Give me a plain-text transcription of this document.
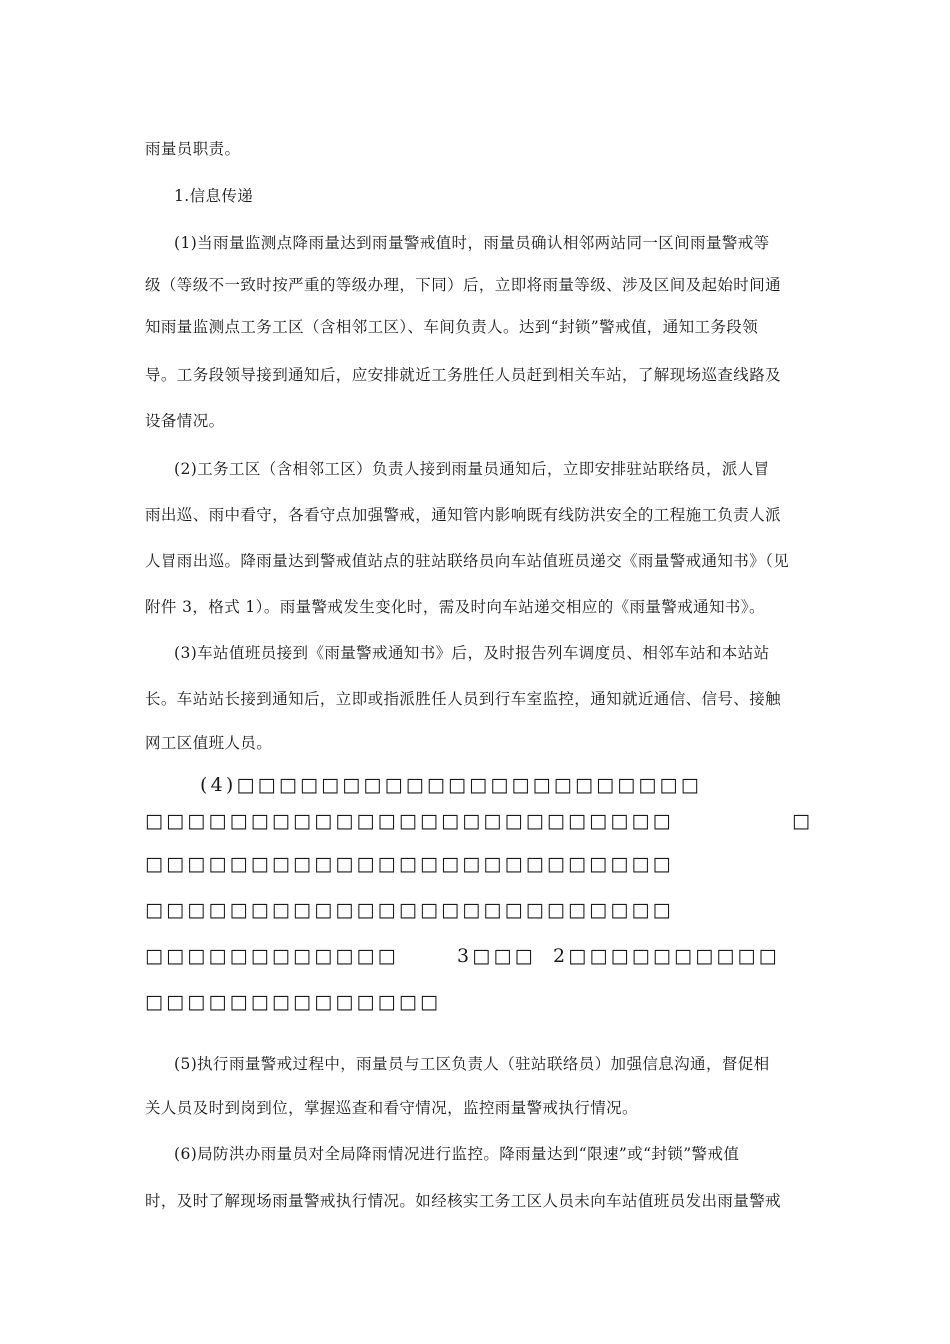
雨量员职责。
1.信息传递
(1)当雨量监测点降雨量达到雨量警戒值时，雨量员确认相邻两站同一区间雨量警戒等
级（等级不一致时按严重的等级办理，下同）后，立即将雨量等级、涉及区间及起始时间通
知雨量监测点工务工区（含相邻工区）、车间负责人。达到“封锁”警戒值，通知工务段领
导。工务段领导接到通知后，应安排就近工务胜任人员赶到相关车站，了解现场巡查线路及
设备情况。
(2)工务工区（含相邻工区）负责人接到雨量员通知后，立即安排驻站联络员，派人冒
雨出巡、雨中看守，各看守点加强警戒，通知管内影响既有线防洪安全的工程施工负责人派
人冒雨出巡。降雨量达到警戒值站点的驻站联络员向车站值班员递交《雨量警戒通知书》（见
附件 3，格式 1）。雨量警戒发生变化时，需及时向车站递交相应的《雨量警戒通知书》。
(3)车站值班员接到《雨量警戒通知书》后，及时报告列车调度员、相邻车站和本站站
长。车站站长接到通知后，立即或指派胜任人员到行车室监控，通知就近通信、信号、接触
网工区值班人员。
(4)□□□□□□□□□□□□□□□□□□□□□□
□□□□□□□□□□□□□□□□□□□□□□□□□	□
□□□□□□□□□□□□□□□□□□□□□□□□□
□□□□□□□□□□□□□□□□□□□□□□□□□
□□□□□□□□□□□□	3□□□ 2□□□□□□□□□□
□□□□□□□□□□□□□□
(5)执行雨量警戒过程中，雨量员与工区负责人（驻站联络员）加强信息沟通，督促相
关人员及时到岗到位，掌握巡查和看守情况，监控雨量警戒执行情况。
(6)局防洪办雨量员对全局降雨情况进行监控。降雨量达到“限速”或“封锁”警戒值
时，及时了解现场雨量警戒执行情况。如经核实工务工区人员未向车站值班员发出雨量警戒
